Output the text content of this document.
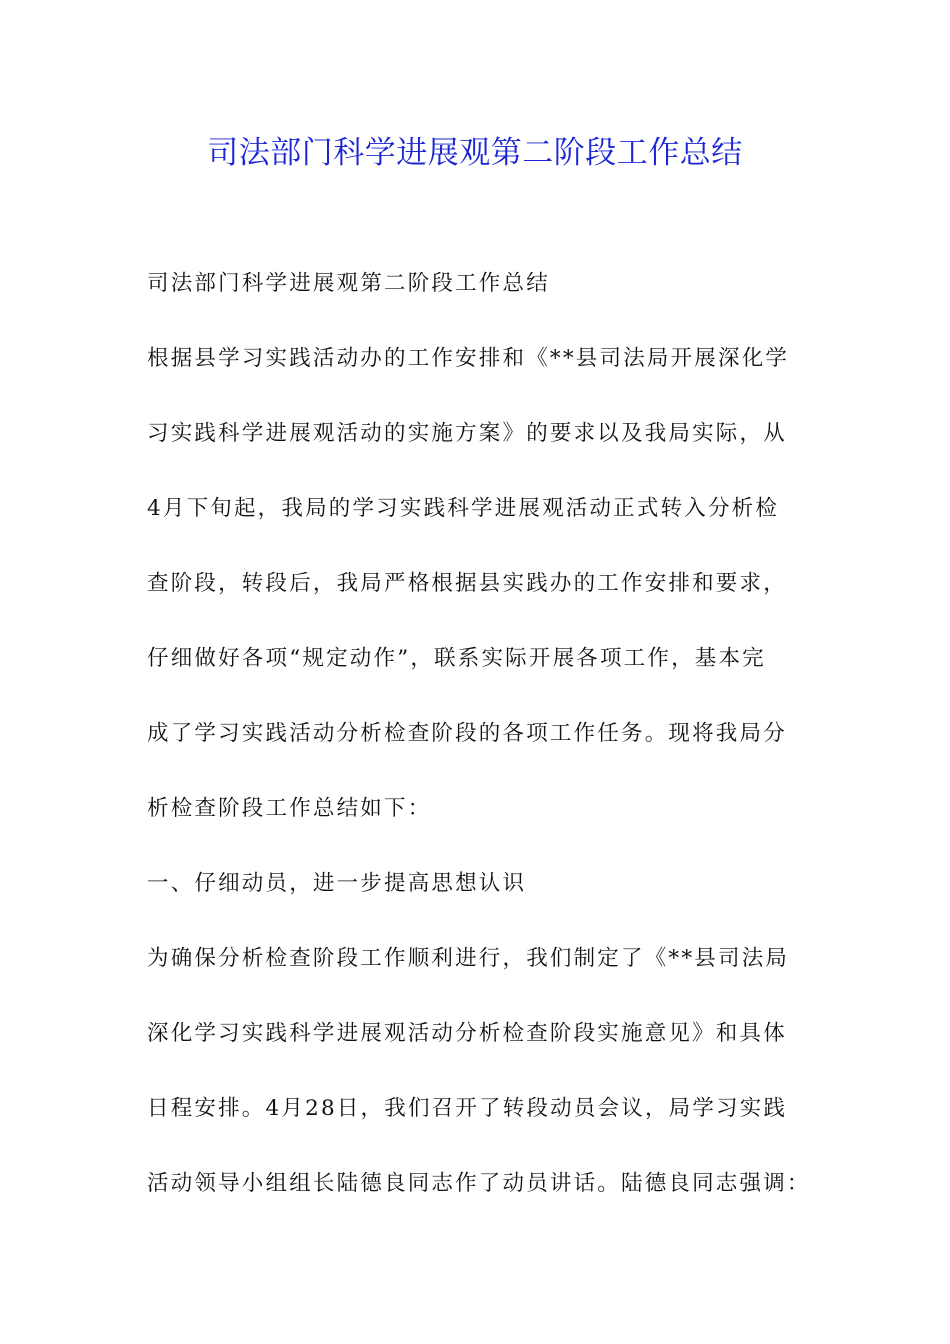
司法部门科学进展观第二阶段工作总结

司法部门科学进展观第二阶段工作总结

根据县学习实践活动办的工作安排和《**县司法局开展深化学

习实践科学进展观活动的实施方案》的要求以及我局实际，从

4月下旬起，我局的学习实践科学进展观活动正式转入分析检

查阶段，转段后，我局严格根据县实践办的工作安排和要求，

仔细做好各项“规定动作”，联系实际开展各项工作，基本完

成了学习实践活动分析检查阶段的各项工作任务。现将我局分

析检查阶段工作总结如下：

一、仔细动员，进一步提高思想认识

为确保分析检查阶段工作顺利进行，我们制定了《**县司法局

深化学习实践科学进展观活动分析检查阶段实施意见》和具体

日程安排。4月28日，我们召开了转段动员会议，局学习实践

活动领导小组组长陆德良同志作了动员讲话。陆德良同志强调：
